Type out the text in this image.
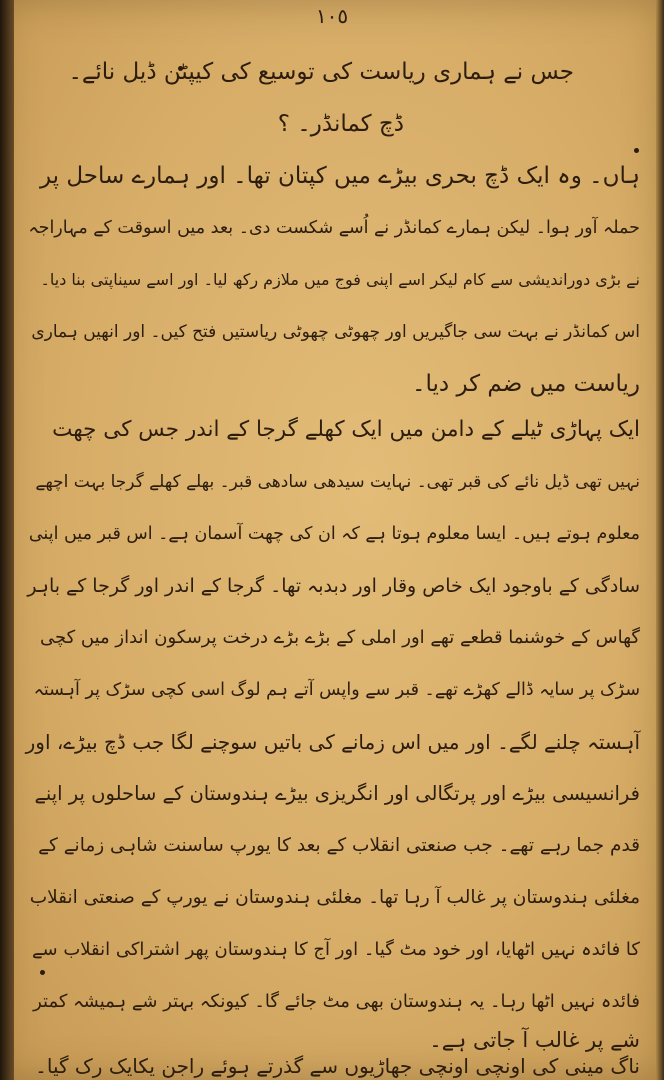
١٠٥
جس نے ہماری ریاست کی توسیع کی کیپٹن ڈیل نائے۔
ڈچ کمانڈر۔ ؟
ہاں۔ وہ ایک ڈچ بحری بیڑے میں کپتان تھا۔ اور ہمارے ساحل پر
حملہ آور ہوا۔ لیکن ہمارے کمانڈر نے اُسے شکست دی۔ بعد میں اسوقت کے مہاراجہ
نے بڑی دوراندیشی سے کام لیکر اسے اپنی فوج میں ملازم رکھ لیا۔ اور اسے سیناپتی بنا دیا۔
اس کمانڈر نے بہت سی جاگیریں اور چھوٹی چھوٹی ریاستیں فتح کیں۔ اور انھیں ہماری
ریاست میں ضم کر دیا۔
ایک پہاڑی ٹیلے کے دامن میں ایک کھلے گرجا کے اندر جس کی چھت
نہیں تھی ڈیل نائے کی قبر تھی۔ نہایت سیدھی سادھی قبر۔ بھلے کھلے گرجا بہت اچھے
معلوم ہوتے ہیں۔ ایسا معلوم ہوتا ہے کہ ان کی چھت آسمان ہے۔ اس قبر میں اپنی
سادگی کے باوجود ایک خاص وقار اور دبدبہ تھا۔ گرجا کے اندر اور گرجا کے باہر
گھاس کے خوشنما قطعے تھے اور املی کے بڑے بڑے درخت پرسکون انداز میں کچی
سڑک پر سایہ ڈالے کھڑے تھے۔ قبر سے واپس آتے ہم لوگ اسی کچی سڑک پر آہستہ
آہستہ چلنے لگے۔ اور میں اس زمانے کی باتیں سوچنے لگا جب ڈچ بیڑے، اور
فرانسیسی بیڑے اور پرتگالی اور انگریزی بیڑے ہندوستان کے ساحلوں پر اپنے
قدم جما رہے تھے۔ جب صنعتی انقلاب کے بعد کا یورپ ساسنت شاہی زمانے کے
مغلئی ہندوستان پر غالب آ رہا تھا۔ مغلئی ہندوستان نے یورپ کے صنعتی انقلاب
کا فائدہ نہیں اٹھایا، اور خود مٹ گیا۔ اور آج کا ہندوستان پھر اشتراکی انقلاب سے
فائدہ نہیں اٹھا رہا۔ یہ ہندوستان بھی مٹ جائے گا۔ کیونکہ بہتر شے ہمیشہ کمتر
شے پر غالب آ جاتی ہے۔
ناگ مینی کی اونچی اونچی جھاڑیوں سے گذرتے ہوئے راجن یکایک رک گیا۔
